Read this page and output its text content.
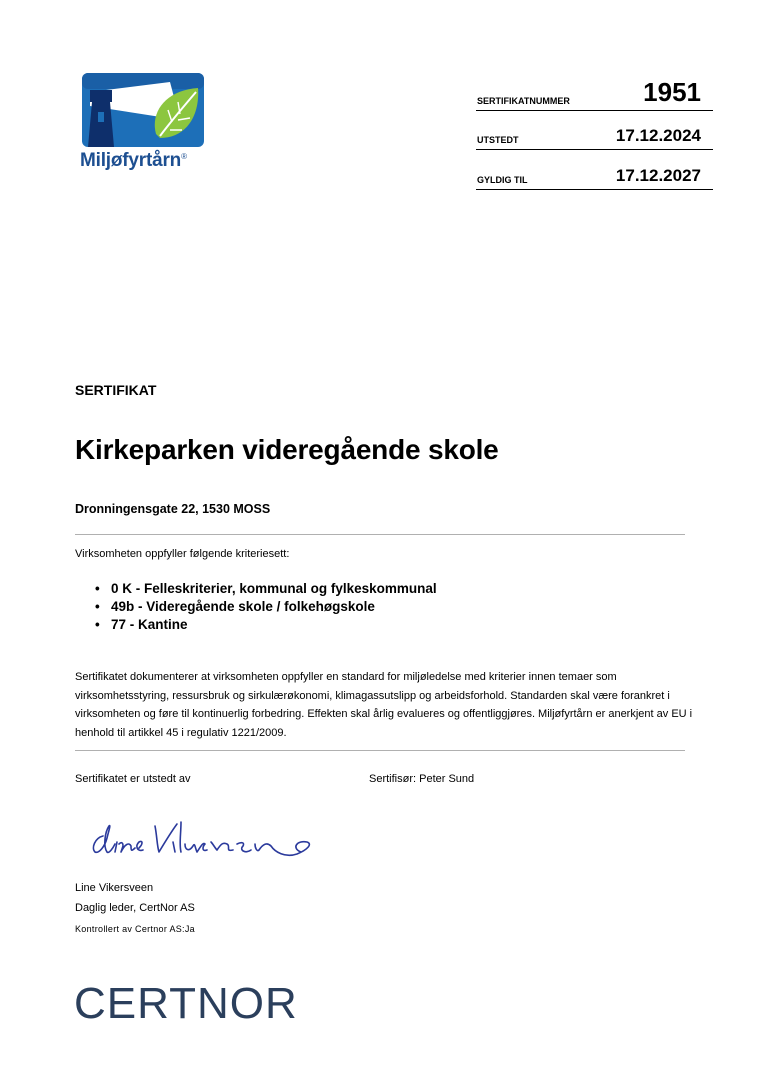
Miljøfyrtårn®
SERTIFIKATNUMMER	1951
UTSTEDT	17.12.2024
GYLDIG TIL	17.12.2027
SERTIFIKAT
Kirkeparken videregående skole
Dronningensgate 22, 1530 MOSS
Virksomheten oppfyller følgende kriteriesett:
• 0 K - Felleskriterier, kommunal og fylkeskommunal
• 49b - Videregående skole / folkehøgskole
• 77 - Kantine
Sertifikatet dokumenterer at virksomheten oppfyller en standard for miljøledelse med kriterier innen temaer som virksomhetsstyring, ressursbruk og sirkulærøkonomi, klimagassutslipp og arbeidsforhold. Standarden skal være forankret i virksomheten og føre til kontinuerlig forbedring. Effekten skal årlig evalueres og offentliggjøres. Miljøfyrtårn er anerkjent av EU i henhold til artikkel 45 i regulativ 1221/2009.
Sertifikatet er utstedt av	Sertifisør: Peter Sund
Line Vikersveen
Daglig leder, CertNor AS
Kontrollert av Certnor AS:Ja
CERTNOR
